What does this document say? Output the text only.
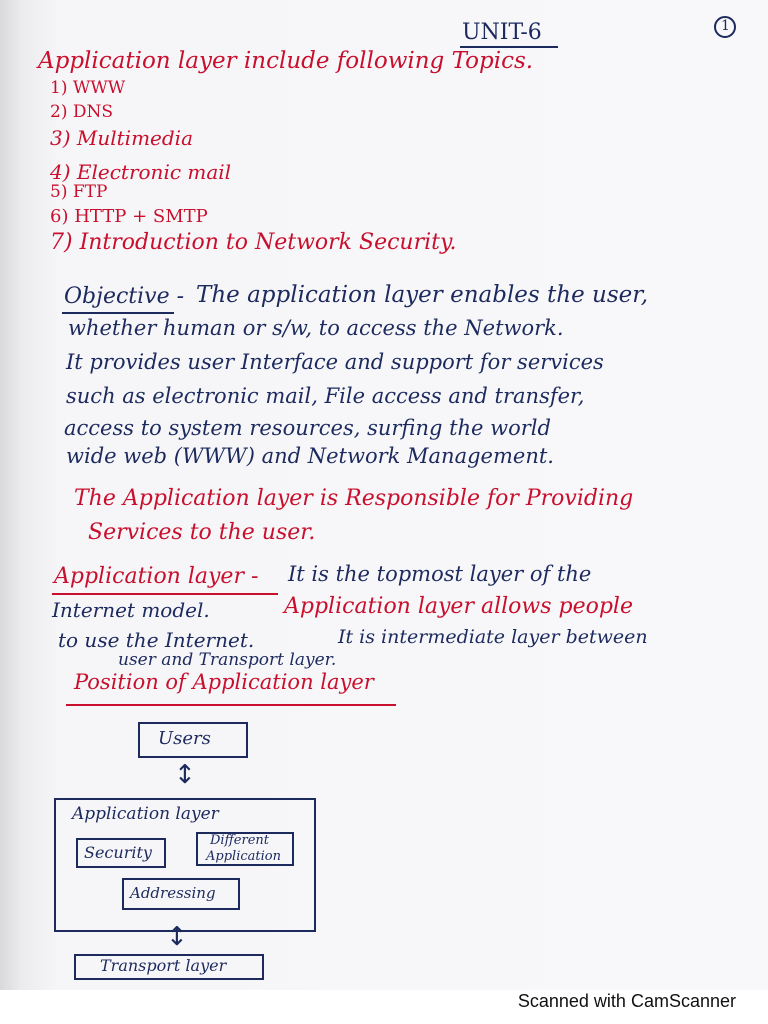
UNIT-6	1
Application layer include following Topics.
1) WWW
2) DNS
3) Multimedia
4) Electronic mail
5) FTP
6) HTTP + SMTP
7) Introduction to Network Security.
Objective - The application layer enables the user,
whether human or s/w, to access the Network.
It provides user Interface and support for services
such as electronic mail, File access and transfer,
access to system resources, surfing the world
wide web (WWW) and Network Management.
The Application layer is Responsible for Providing
Services to the user.
Application layer - It is the topmost layer of the
Internet model.	Application layer allows people
to use the Internet.	It is intermediate layer between
user and Transport layer.
Position of Application layer
Users
↕
Application layer
Security
Different
Application
Addressing
↕
Transport layer
Scanned with CamScanner
